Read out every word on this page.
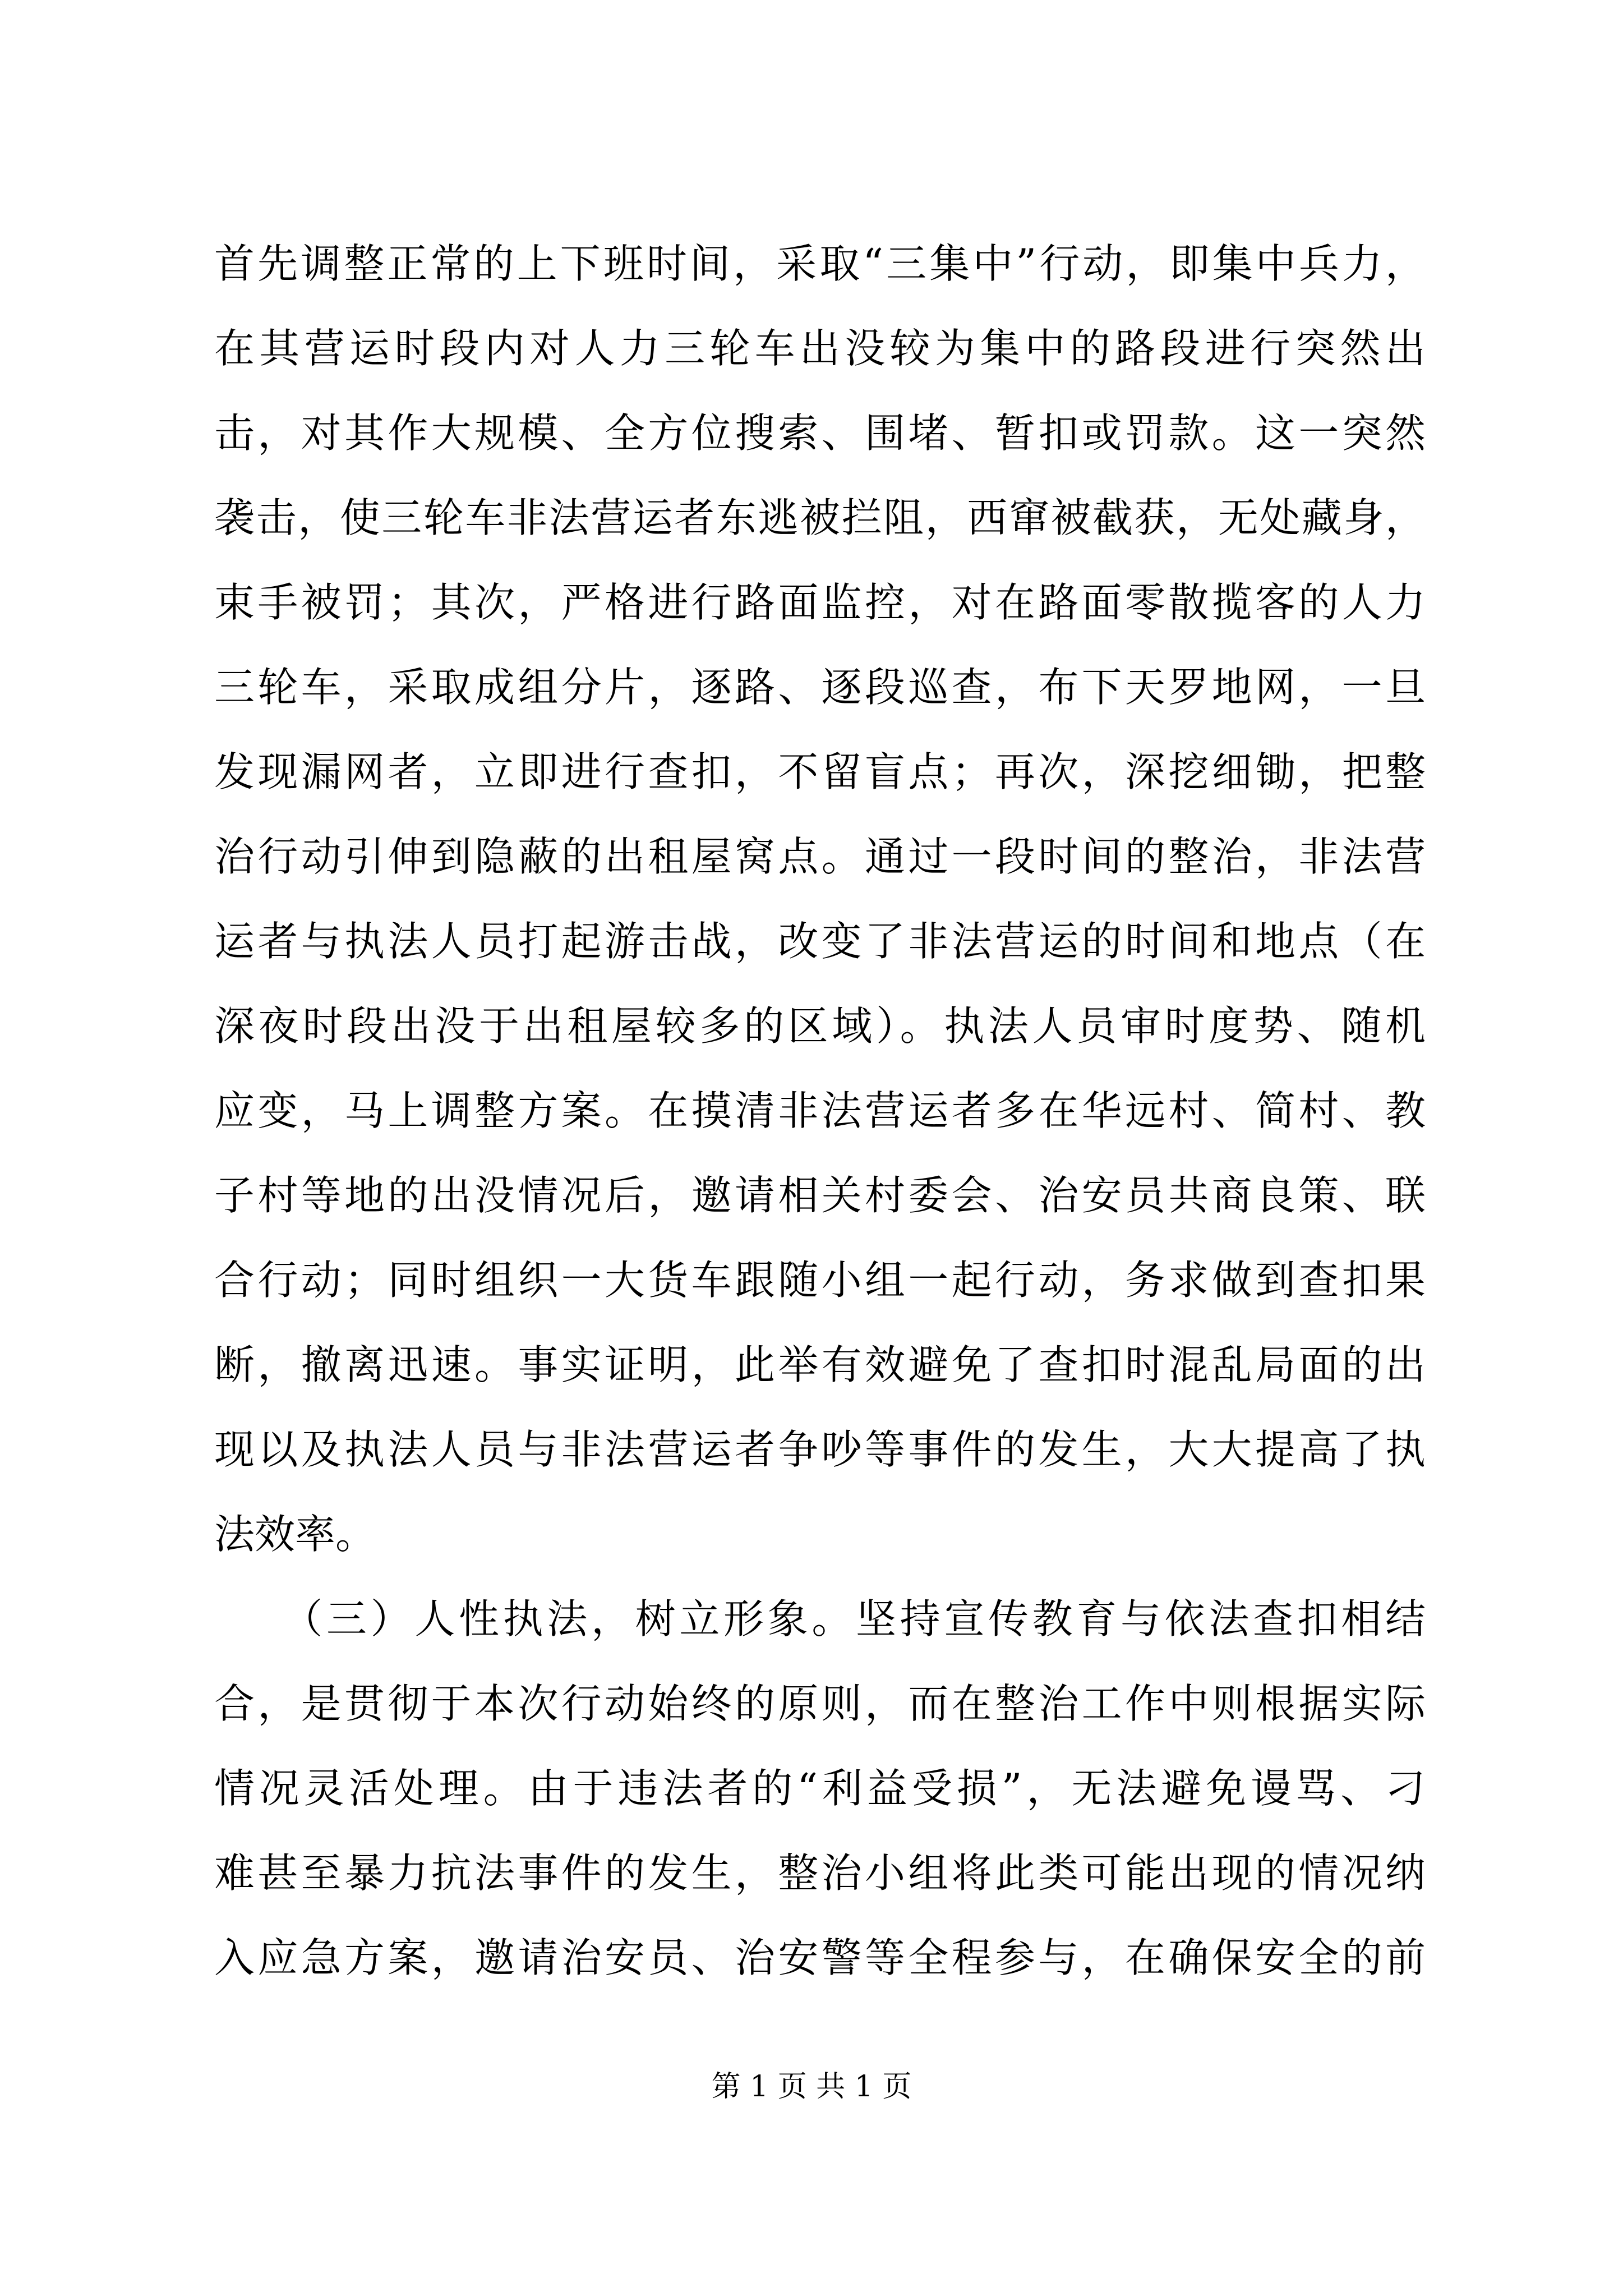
首先调整正常的上下班时间，采取“三集中”行动，即集中兵力，
在其营运时段内对人力三轮车出没较为集中的路段进行突然出
击，对其作大规模、全方位搜索、围堵、暂扣或罚款。这一突然
袭击，使三轮车非法营运者东逃被拦阻，西窜被截获，无处藏身，
束手被罚；其次，严格进行路面监控，对在路面零散揽客的人力
三轮车，采取成组分片，逐路、逐段巡查，布下天罗地网，一旦
发现漏网者，立即进行查扣，不留盲点；再次，深挖细锄，把整
治行动引伸到隐蔽的出租屋窝点。通过一段时间的整治，非法营
运者与执法人员打起游击战，改变了非法营运的时间和地点（在
深夜时段出没于出租屋较多的区域）。执法人员审时度势、随机
应变，马上调整方案。在摸清非法营运者多在华远村、简村、教
子村等地的出没情况后，邀请相关村委会、治安员共商良策、联
合行动；同时组织一大货车跟随小组一起行动，务求做到查扣果
断，撤离迅速。事实证明，此举有效避免了查扣时混乱局面的出
现以及执法人员与非法营运者争吵等事件的发生，大大提高了执
法效率。
　　（三）人性执法，树立形象。坚持宣传教育与依法查扣相结
合，是贯彻于本次行动始终的原则，而在整治工作中则根据实际
情况灵活处理。由于违法者的“利益受损”，无法避免谩骂、刁
难甚至暴力抗法事件的发生，整治小组将此类可能出现的情况纳
入应急方案，邀请治安员、治安警等全程参与，在确保安全的前
第 1 页 共 1 页
